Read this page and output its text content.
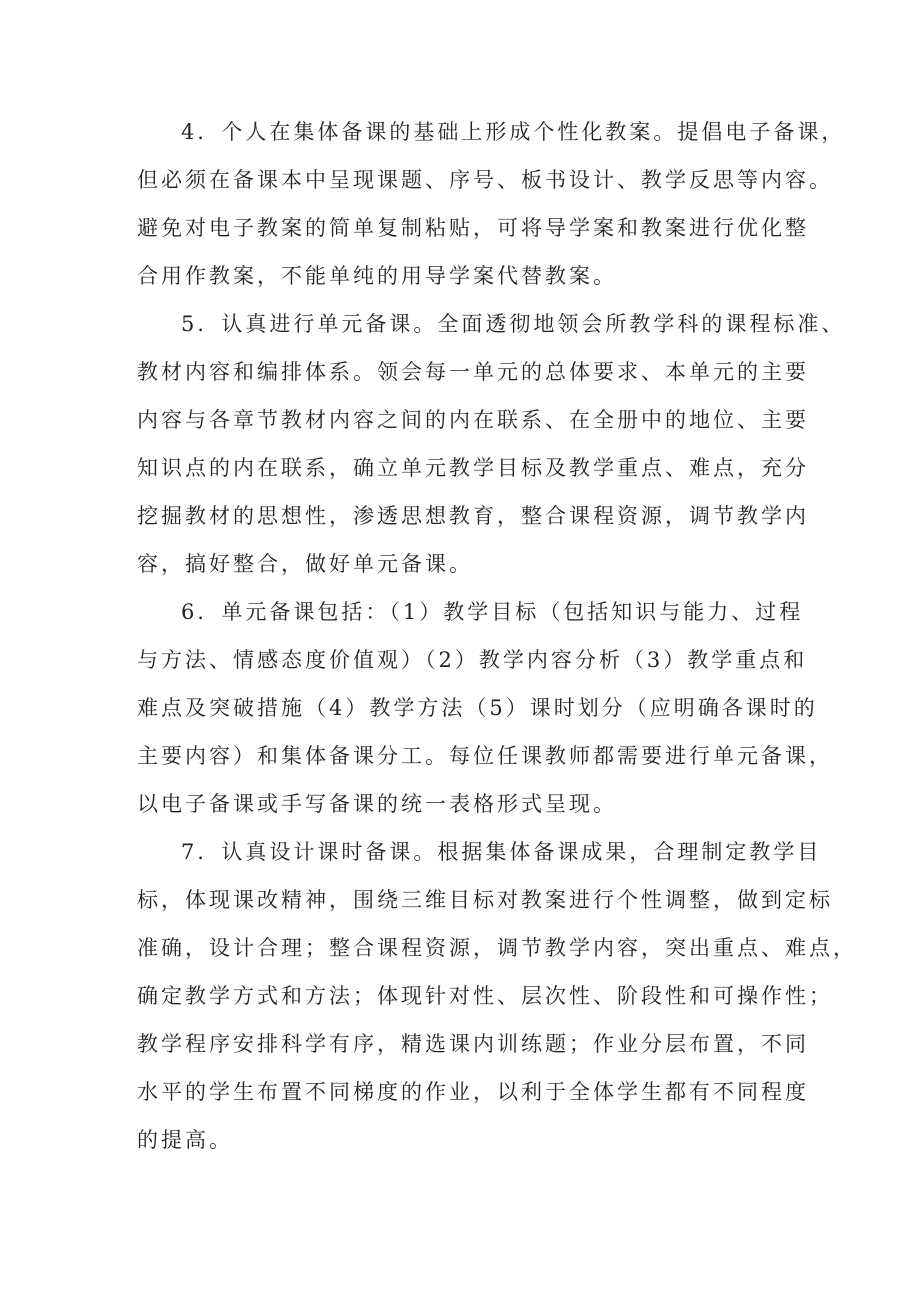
4．个人在集体备课的基础上形成个性化教案。提倡电子备课，

但必须在备课本中呈现课题、序号、板书设计、教学反思等内容。

避免对电子教案的简单复制粘贴，可将导学案和教案进行优化整

合用作教案，不能单纯的用导学案代替教案。

5．认真进行单元备课。全面透彻地领会所教学科的课程标准、

教材内容和编排体系。领会每一单元的总体要求、本单元的主要

内容与各章节教材内容之间的内在联系、在全册中的地位、主要

知识点的内在联系，确立单元教学目标及教学重点、难点，充分

挖掘教材的思想性，渗透思想教育，整合课程资源，调节教学内

容，搞好整合，做好单元备课。

6．单元备课包括：（1）教学目标（包括知识与能力、过程

与方法、情感态度价值观）（2）教学内容分析（3）教学重点和

难点及突破措施（4）教学方法（5）课时划分（应明确各课时的

主要内容）和集体备课分工。每位任课教师都需要进行单元备课，

以电子备课或手写备课的统一表格形式呈现。

7．认真设计课时备课。根据集体备课成果，合理制定教学目

标，体现课改精神，围绕三维目标对教案进行个性调整，做到定标

准确，设计合理；整合课程资源，调节教学内容，突出重点、难点，

确定教学方式和方法；体现针对性、层次性、阶段性和可操作性；

教学程序安排科学有序，精选课内训练题；作业分层布置，不同

水平的学生布置不同梯度的作业，以利于全体学生都有不同程度

的提高。
